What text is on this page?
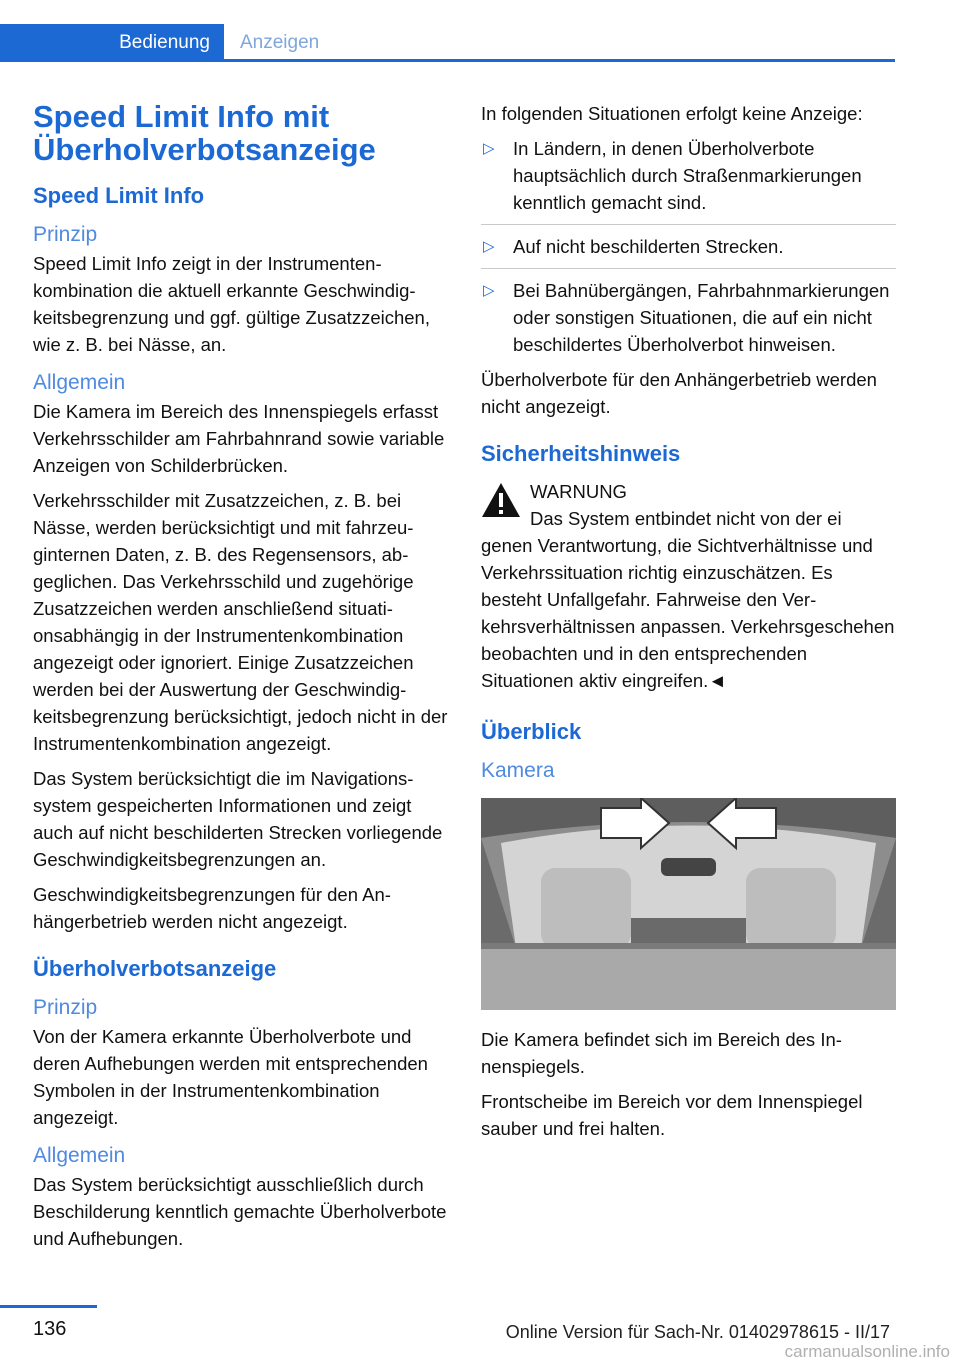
Bedienung	Anzeigen
Speed Limit Info mit Überholverbotsanzeige
Speed Limit Info
Prinzip

Speed Limit Info zeigt in der Instrumentenkombination die aktuell erkannte Geschwindigkeitsbegrenzung und ggf. gültige Zusatzzeichen, wie z. B. bei Nässe, an.

Allgemein

Die Kamera im Bereich des Innenspiegels erfasst Verkehrsschilder am Fahrbahnrand sowie variable Anzeigen von Schilderbrücken.

Verkehrsschilder mit Zusatzzeichen, z. B. bei Nässe, werden berücksichtigt und mit fahrzeuginternen Daten, z. B. des Regensensors, abgeglichen. Das Verkehrsschild und zugehörige Zusatzzeichen werden anschließend situationsabhängig in der Instrumentenkombination angezeigt oder ignoriert. Einige Zusatzzeichen werden bei der Auswertung der Geschwindigkeitsbegrenzung berücksichtigt, jedoch nicht in der Instrumentenkombination angezeigt.

Das System berücksichtigt die im Navigationssystem gespeicherten Informationen und zeigt auch auf nicht beschilderten Strecken vorliegende Geschwindigkeitsbegrenzungen an.

Geschwindigkeitsbegrenzungen für den Anhängerbetrieb werden nicht angezeigt.

Überholverbotsanzeige
Prinzip

Von der Kamera erkannte Überholverbote und deren Aufhebungen werden mit entsprechenden Symbolen in der Instrumentenkombination angezeigt.

Allgemein

Das System berücksichtigt ausschließlich durch Beschilderung kenntlich gemachte Überholverbote und Aufhebungen.

In folgenden Situationen erfolgt keine Anzeige:

▷ In Ländern, in denen Überholverbote hauptsächlich durch Straßenmarkierungen kenntlich gemacht sind.
▷ Auf nicht beschilderten Strecken.
▷ Bei Bahnübergängen, Fahrbahnmarkierungen oder sonstigen Situationen, die auf ein nicht beschildertes Überholverbot hinweisen.

Überholverbote für den Anhängerbetrieb werden nicht angezeigt.

Sicherheitshinweis
WARNUNG
Das System entbindet nicht von der ei
genen Verantwortung, die Sichtverhältnisse und Verkehrssituation richtig einzuschätzen. Es besteht Unfallgefahr. Fahrweise den Verkehrsverhältnissen anpassen. Verkehrsgeschehen beobachten und in den entsprechenden Situationen aktiv eingreifen.◄
Überblick
Kamera

Die Kamera befindet sich im Bereich des Innenspiegels.

Frontscheibe im Bereich vor dem Innenspiegel sauber und frei halten.

136	Online Version für Sach-Nr. 01402978615 - II/17
carmanualsonline.info
